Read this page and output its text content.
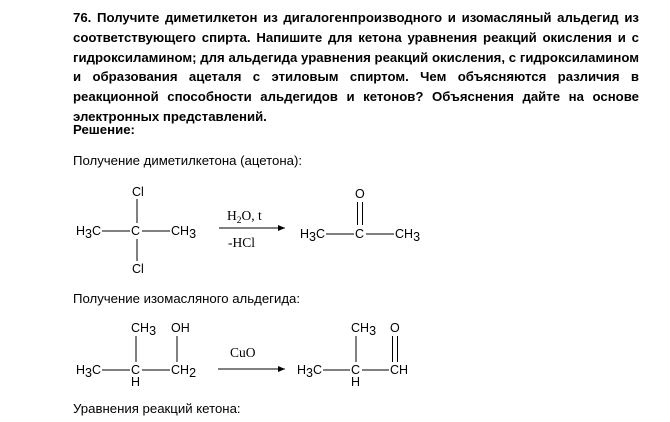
76. Получите диметилкетон из дигалогенпроизводного и изомасляный альдегид из соответствующего спирта. Напишите для кетона уравнения реакций окисления и с гидроксиламином; для альдегида уравнения реакций окисления, с гидроксиламином и образования ацеталя с этиловым спиртом. Чем объясняются различия в реакционной способности альдегидов и кетонов? Объяснения дайте на основе электронных представлений.

Решение:
Получение диметилкетона (ацетона):
Cl
H3C C CH3
Cl
$H_2O$, t
-HCl
O
H3C C CH3
Получение изомасляного альдегида:
CH3 OH
H3C C
H
CH2
CuO
CH3 O
H3C C
H
CH
Уравнения реакций кетона:
